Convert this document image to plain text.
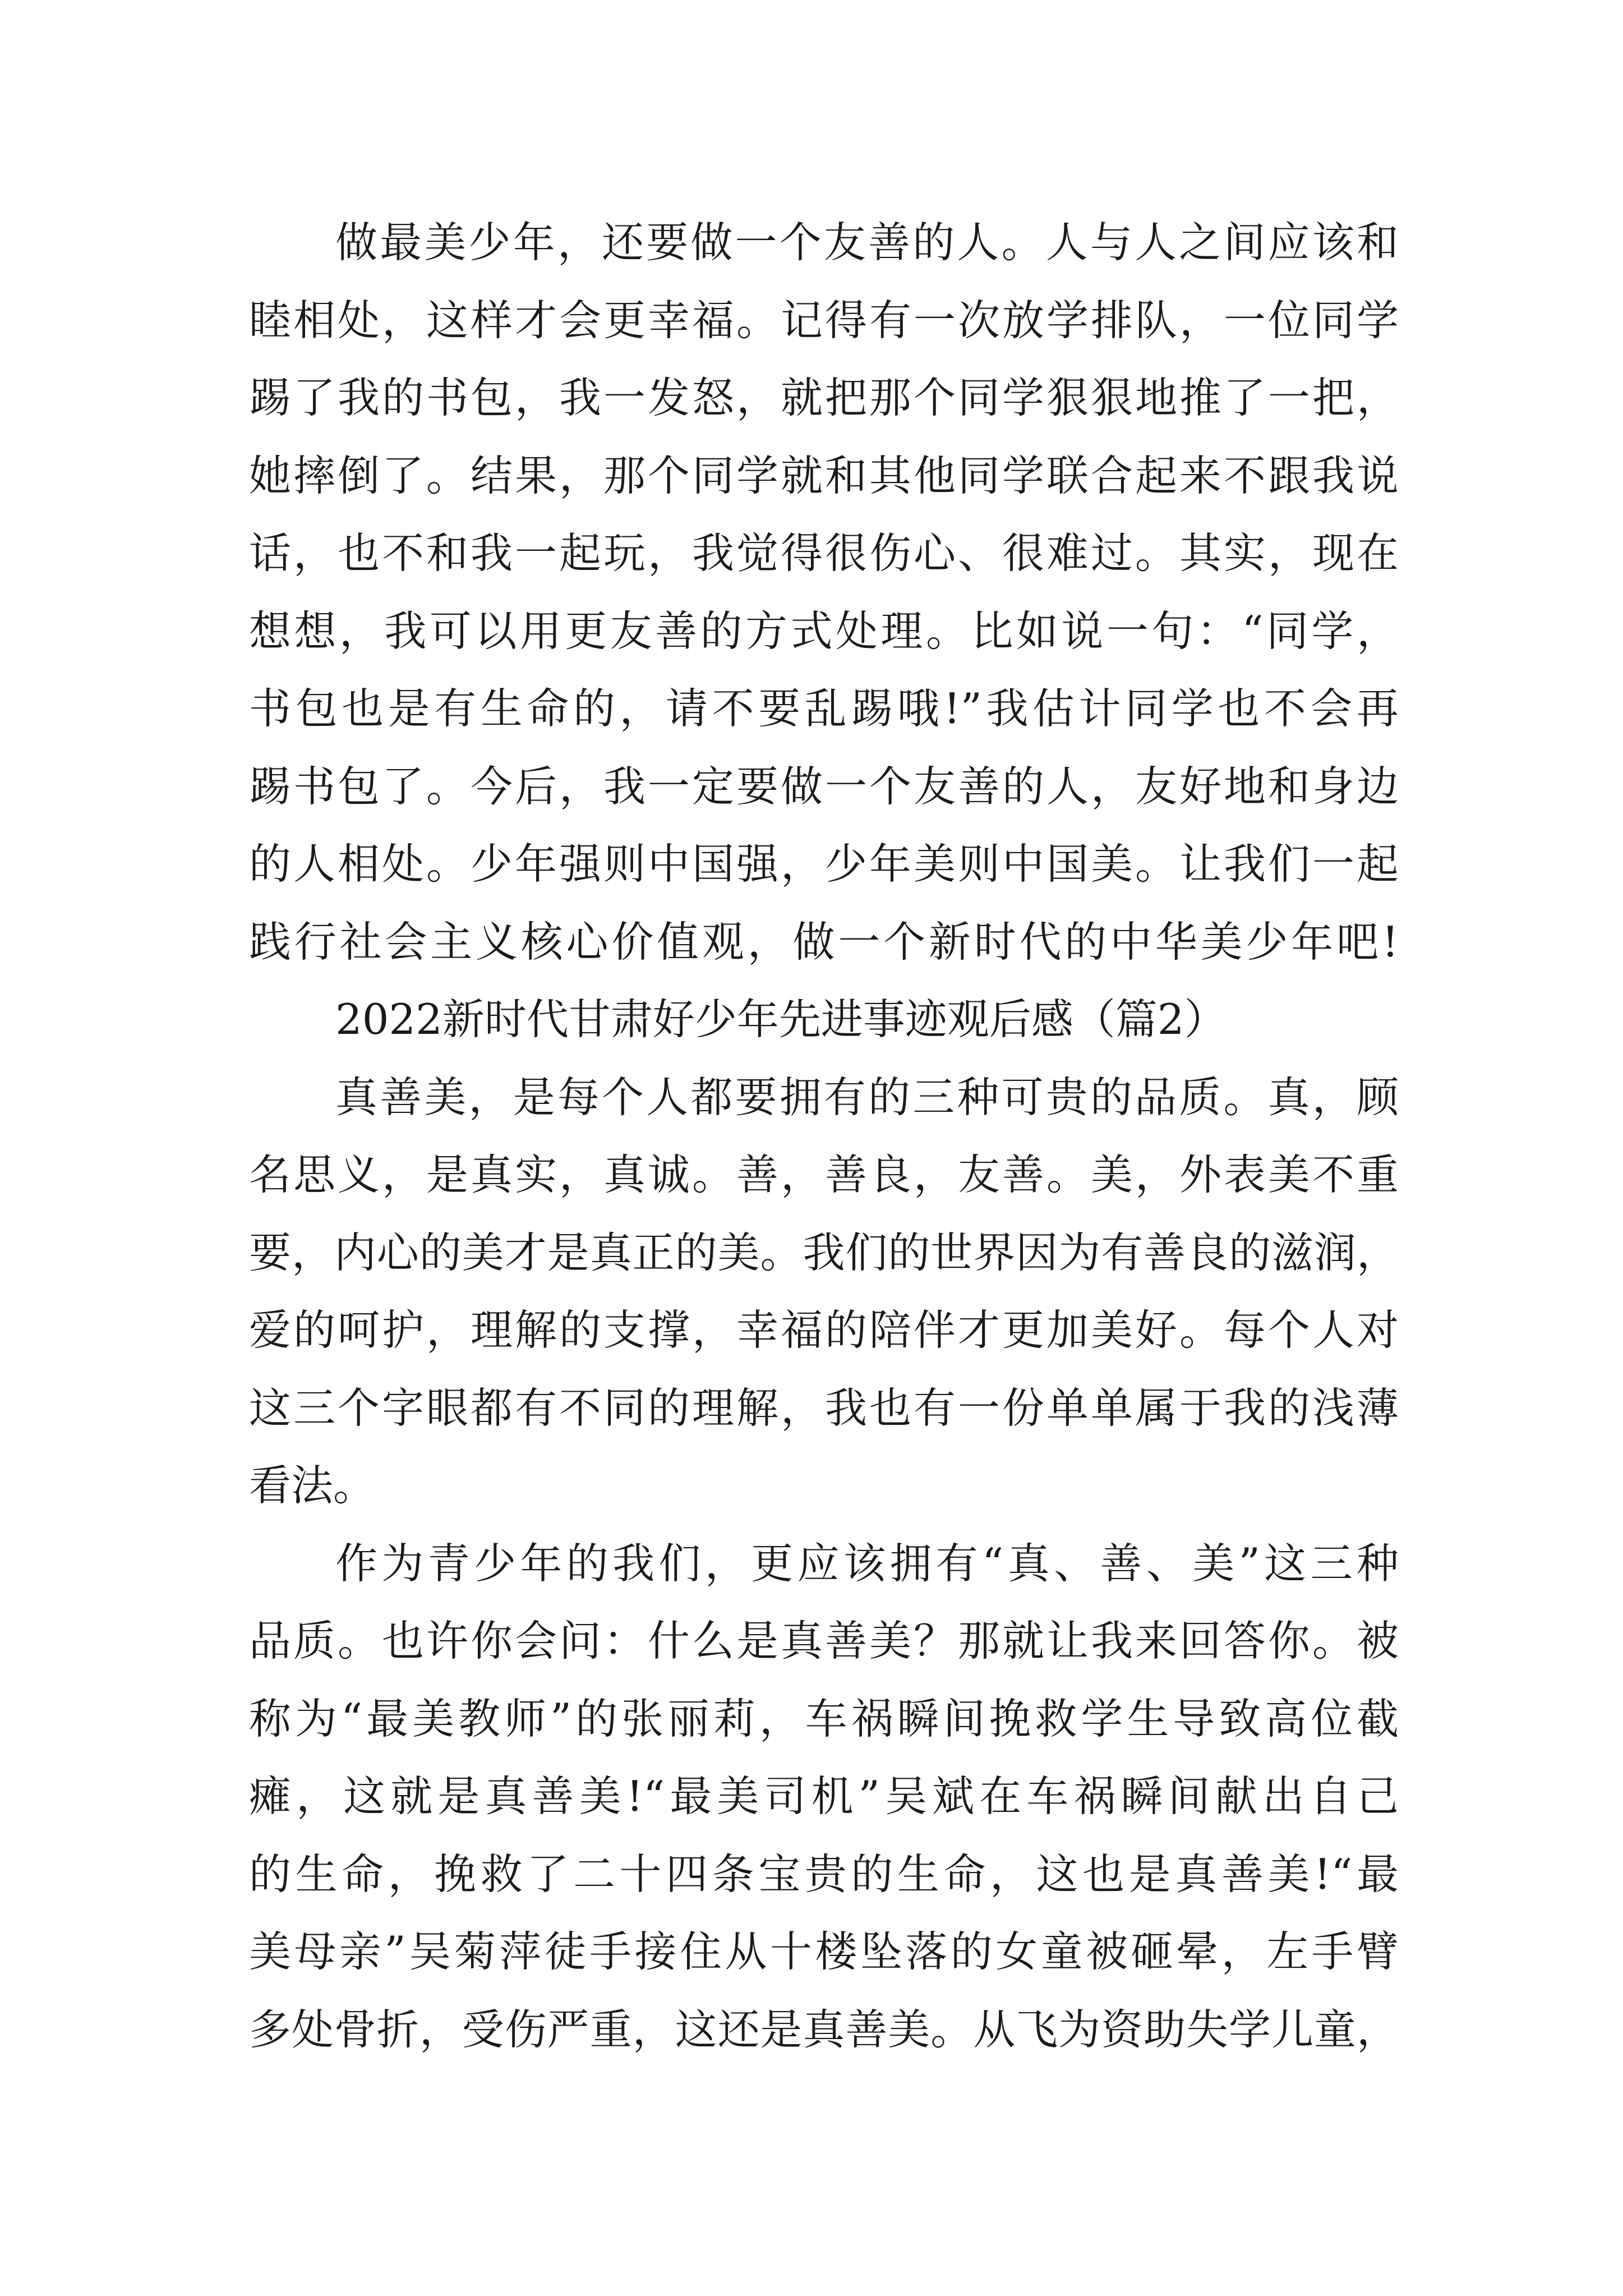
做最美少年，还要做一个友善的人。人与人之间应该和
睦相处，这样才会更幸福。记得有一次放学排队，一位同学
踢了我的书包，我一发怒，就把那个同学狠狠地推了一把，
她摔倒了。结果，那个同学就和其他同学联合起来不跟我说
话，也不和我一起玩，我觉得很伤心、很难过。其实，现在
想想，我可以用更友善的方式处理。比如说一句：“同学，
书包也是有生命的，请不要乱踢哦!”我估计同学也不会再
踢书包了。今后，我一定要做一个友善的人，友好地和身边
的人相处。少年强则中国强，少年美则中国美。让我们一起
践行社会主义核心价值观，做一个新时代的中华美少年吧!
2022新时代甘肃好少年先进事迹观后感（篇2）
真善美，是每个人都要拥有的三种可贵的品质。真，顾
名思义，是真实，真诚。善，善良，友善。美，外表美不重
要，内心的美才是真正的美。我们的世界因为有善良的滋润，
爱的呵护，理解的支撑，幸福的陪伴才更加美好。每个人对
这三个字眼都有不同的理解，我也有一份单单属于我的浅薄
看法。
作为青少年的我们，更应该拥有“真、善、美”这三种
品质。也许你会问：什么是真善美？那就让我来回答你。被
称为“最美教师”的张丽莉，车祸瞬间挽救学生导致高位截
瘫，这就是真善美!“最美司机”吴斌在车祸瞬间献出自己
的生命，挽救了二十四条宝贵的生命，这也是真善美!“最
美母亲”吴菊萍徒手接住从十楼坠落的女童被砸晕，左手臂
多处骨折，受伤严重，这还是真善美。从飞为资助失学儿童，
